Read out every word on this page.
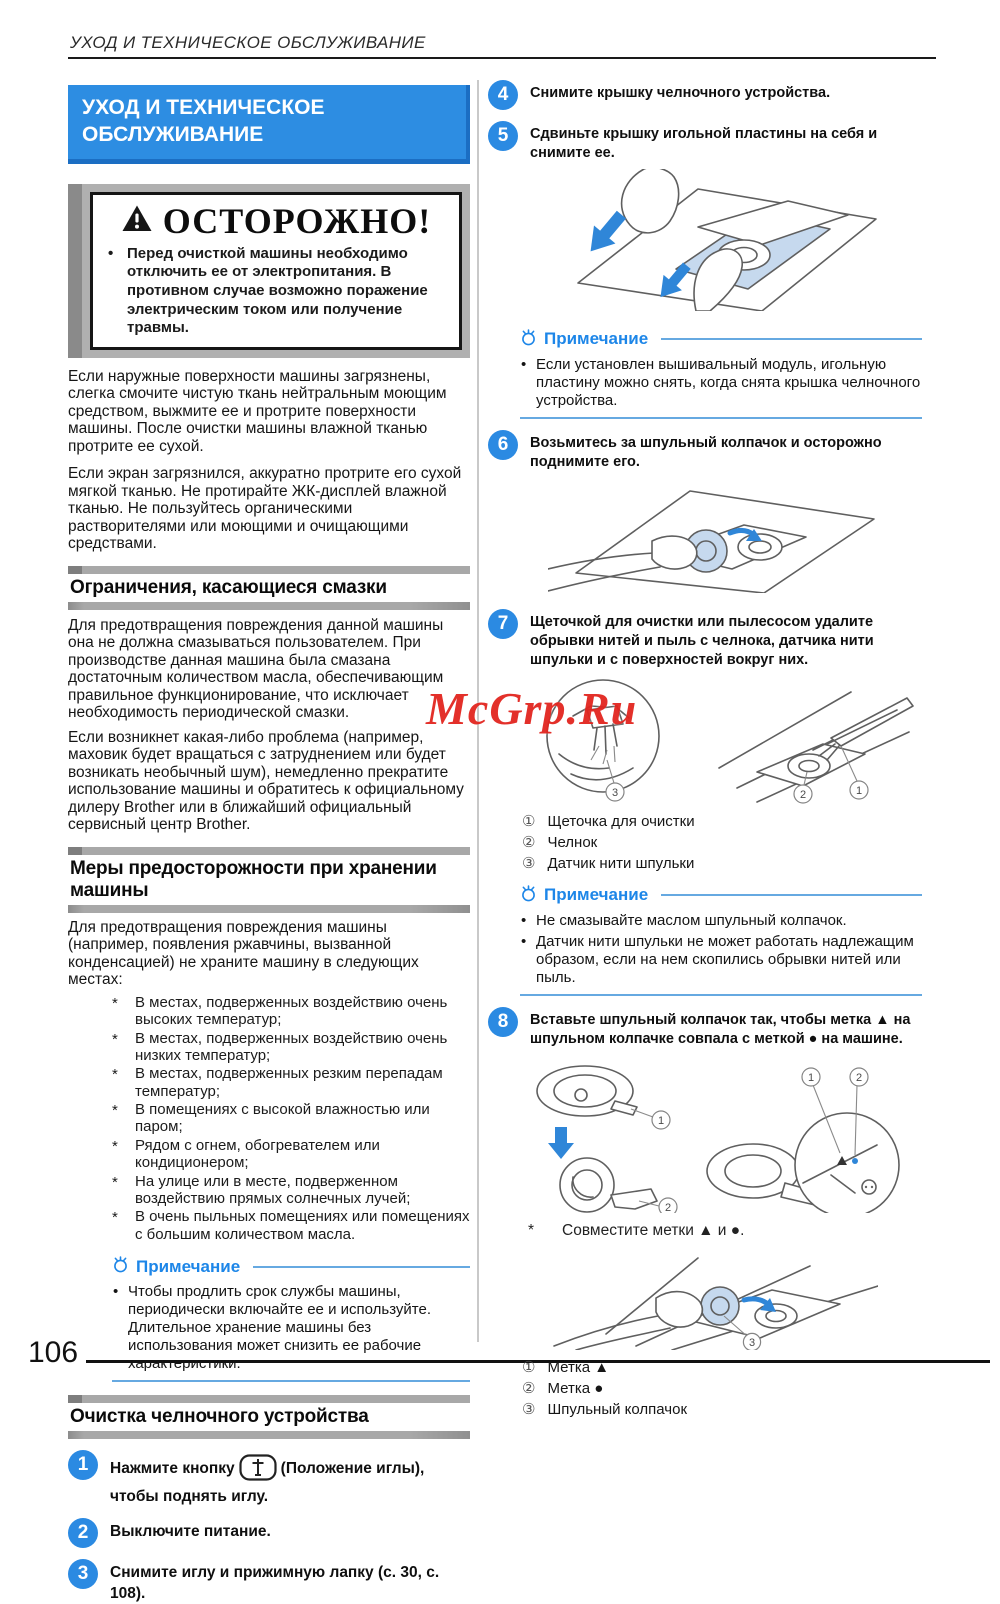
УХОД И ТЕХНИЧЕСКОЕ ОБСЛУЖИВАНИЕ
106
McGrp.Ru
УХОД И ТЕХНИЧЕСКОЕ
ОБСЛУЖИВАНИЕ
ОСТОРОЖНО!
• Перед очисткой машины необходимо отключить ее от электропитания. В противном случае возможно поражение электрическим током или получение травмы.
Если наружные поверхности машины загрязнены, слегка смочите чистую ткань нейтральным моющим средством, выжмите ее и протрите поверхности машины. После очистки машины влажной тканью протрите ее сухой.
Если экран загрязнился, аккуратно протрите его сухой мягкой тканью. Не протирайте ЖК-дисплей влажной тканью. Не пользуйтесь органическими растворителями или моющими и очищающими средствами.
Ограничения, касающиеся смазки
Для предотвращения повреждения данной машины она не должна смазываться пользователем. При производстве данная машина была смазана достаточным количеством масла, обеспечивающим правильное функционирование, что исключает необходимость периодической смазки.
Если возникнет какая-либо проблема (например, маховик будет вращаться с затруднением или будет возникать необычный шум), немедленно прекратите использование машины и обратитесь к официальному дилеру Brother или в ближайший официальный сервисный центр Brother.
Меры предосторожности при хранении машины
Для предотвращения повреждения машины (например, появления ржавчины, вызванной конденсацией) не храните машину в следующих местах:
* В местах, подверженных воздействию очень высоких температур;
* В местах, подверженных воздействию очень низких температур;
* В местах, подверженных резким перепадам температур;
* В помещениях с высокой влажностью или паром;
* Рядом с огнем, обогревателем или кондиционером;
* На улице или в месте, подверженном воздействию прямых солнечных лучей;
* В очень пыльных помещениях или помещениях с большим количеством масла.
Примечание
• Чтобы продлить срок службы машины, периодически включайте ее и используйте. Длительное хранение машины без использования может снизить ее рабочие характеристики.
Очистка челночного устройства
1	Нажмите кнопку	(Положение иглы), чтобы поднять иглу.
2	Выключите питание.
3	Снимите иглу и прижимную лапку (с. 30, с. 108).
4	Снимите крышку челночного устройства.
5	Сдвиньте крышку игольной пластины на себя и снимите ее.
Примечание
• Если установлен вышивальный модуль, игольную пластину можно снять, когда снята крышка челночного устройства.
6	Возьмитесь за шпульный колпачок и осторожно поднимите его.
7	Щеточкой для очистки или пылесосом удалите обрывки нитей и пыль с челнока, датчика нити шпульки и с поверхностей вокруг них.
3	1
2
① Щеточка для очистки
② Челнок
③ Датчик нити шпульки
Примечание
• Не смазывайте маслом шпульный колпачок.
• Датчик нити шпульки не может работать надлежащим образом, если на нем скопились обрывки нитей или пыль.
8	Вставьте шпульный колпачок так, чтобы метка ▲ на шпульном колпачке совпала с меткой ● на машине.
1
2
1	2
*
Совместите метки ▲ и ●.
3
① Метка ▲
② Метка ●
③ Шпульный колпачок
